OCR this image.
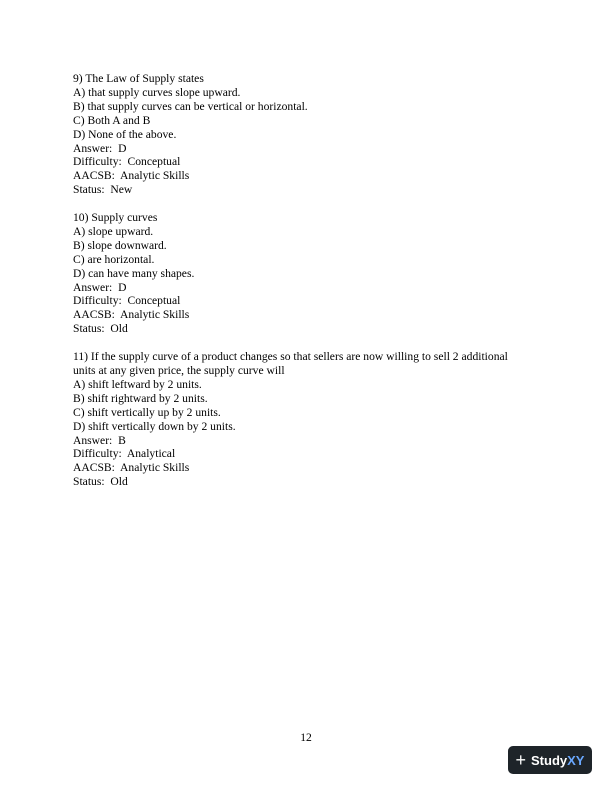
9) The Law of Supply states
A) that supply curves slope upward.
B) that supply curves can be vertical or horizontal.
C) Both A and B
D) None of the above.
Answer:  D
Difficulty:  Conceptual
AACSB:  Analytic Skills
Status:  New
10) Supply curves
A) slope upward.
B) slope downward.
C) are horizontal.
D) can have many shapes.
Answer:  D
Difficulty:  Conceptual
AACSB:  Analytic Skills
Status:  Old
11) If the supply curve of a product changes so that sellers are now willing to sell 2 additional
units at any given price, the supply curve will
A) shift leftward by 2 units.
B) shift rightward by 2 units.
C) shift vertically up by 2 units.
D) shift vertically down by 2 units.
Answer:  B
Difficulty:  Analytical
AACSB:  Analytic Skills
Status:  Old
12
+ Study XY
